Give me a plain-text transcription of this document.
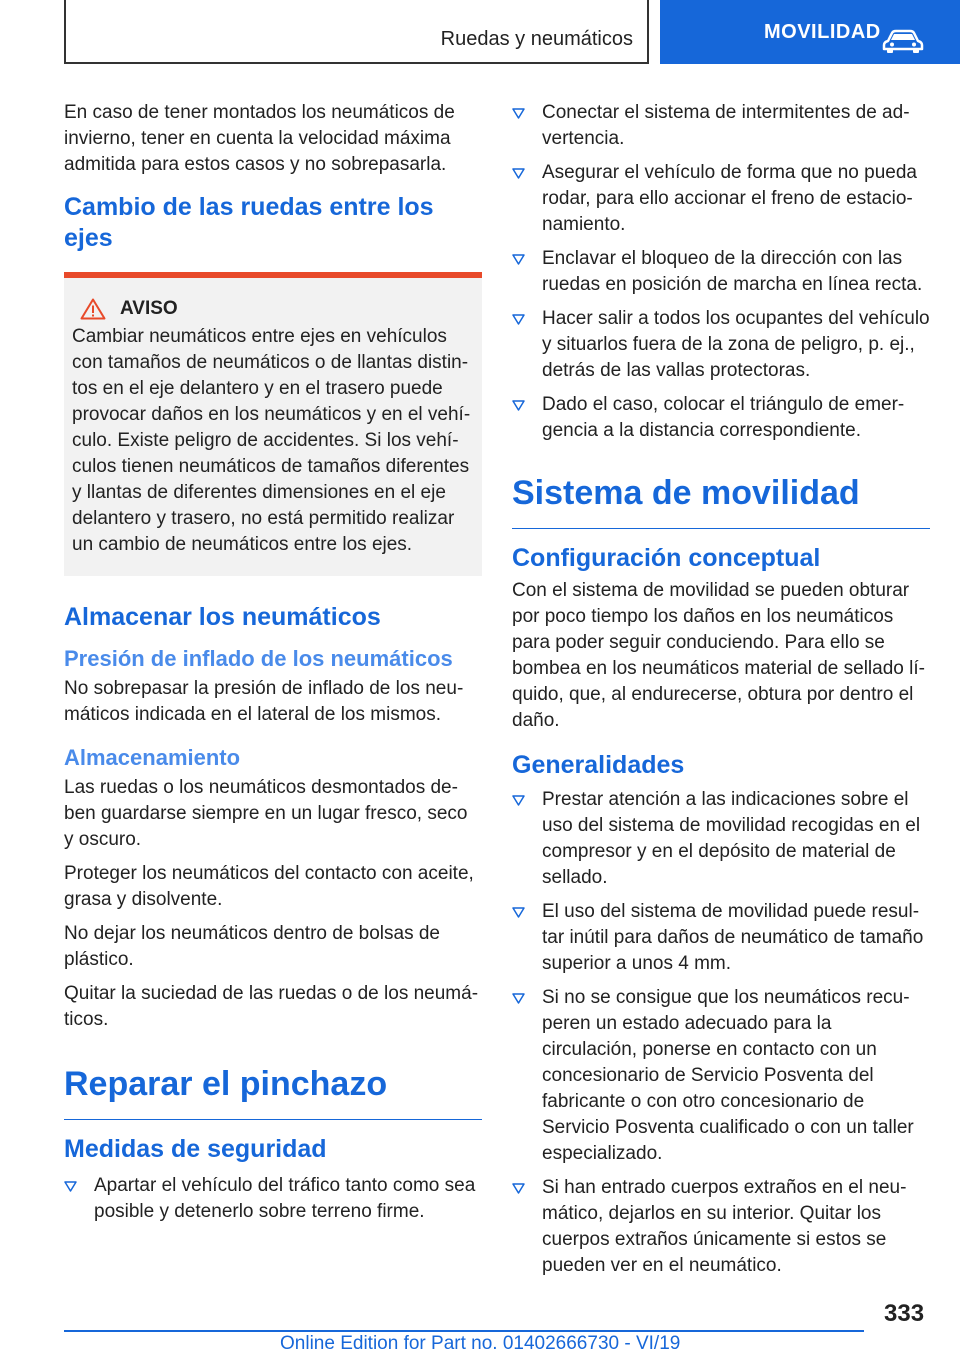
Ruedas y neumáticos	MOVILIDAD

En caso de tener montados los neumáticos de invierno, tener en cuenta la velocidad máxima admitida para estos casos y no sobrepasarla.

Cambio de las ruedas entre los ejes
AVISO

Cambiar neumáticos entre ejes en vehículos con tamaños de neumáticos o de llantas distintos en el eje delantero y en el trasero puede provocar daños en los neumáticos y en el vehículo. Existe peligro de accidentes. Si los vehículos tienen neumáticos de tamaños diferentes y llantas de diferentes dimensiones en el eje delantero y trasero, no está permitido realizar un cambio de neumáticos entre los ejes.

Almacenar los neumáticos
Presión de inflado de los neumáticos

No sobrepasar la presión de inflado de los neumáticos indicada en el lateral de los mismos.

Almacenamiento

Las ruedas o los neumáticos desmontados deben guardarse siempre en un lugar fresco, seco y oscuro.

Proteger los neumáticos del contacto con aceite, grasa y disolvente.

No dejar los neumáticos dentro de bolsas de plástico.

Quitar la suciedad de las ruedas o de los neumáticos.

Reparar el pinchazo
Medidas de seguridad
Apartar el vehículo del tráfico tanto como sea posible y detenerlo sobre terreno firme.
Conectar el sistema de intermitentes de advertencia.
Asegurar el vehículo de forma que no pueda rodar, para ello accionar el freno de estacionamiento.
Enclavar el bloqueo de la dirección con las ruedas en posición de marcha en línea recta.
Hacer salir a todos los ocupantes del vehículo y situarlos fuera de la zona de peligro, p. ej., detrás de las vallas protectoras.
Dado el caso, colocar el triángulo de emergencia a la distancia correspondiente.
Sistema de movilidad
Configuración conceptual

Con el sistema de movilidad se pueden obturar por poco tiempo los daños en los neumáticos para poder seguir conduciendo. Para ello se bombea en los neumáticos material de sellado líquido, que, al endurecerse, obtura por dentro el daño.

Generalidades
Prestar atención a las indicaciones sobre el uso del sistema de movilidad recogidas en el compresor y en el depósito de material de sellado.
El uso del sistema de movilidad puede resultar inútil para daños de neumático de tamaño superior a unos 4 mm.
Si no se consigue que los neumáticos recuperen un estado adecuado para la circulación, ponerse en contacto con un concesionario de Servicio Posventa del fabricante o con otro concesionario de Servicio Posventa cualificado o con un taller especializado.
Si han entrado cuerpos extraños en el neumático, dejarlos en su interior. Quitar los cuerpos extraños únicamente si estos se pueden ver en el neumático.
333
Online Edition for Part no. 01402666730 - VI/19
